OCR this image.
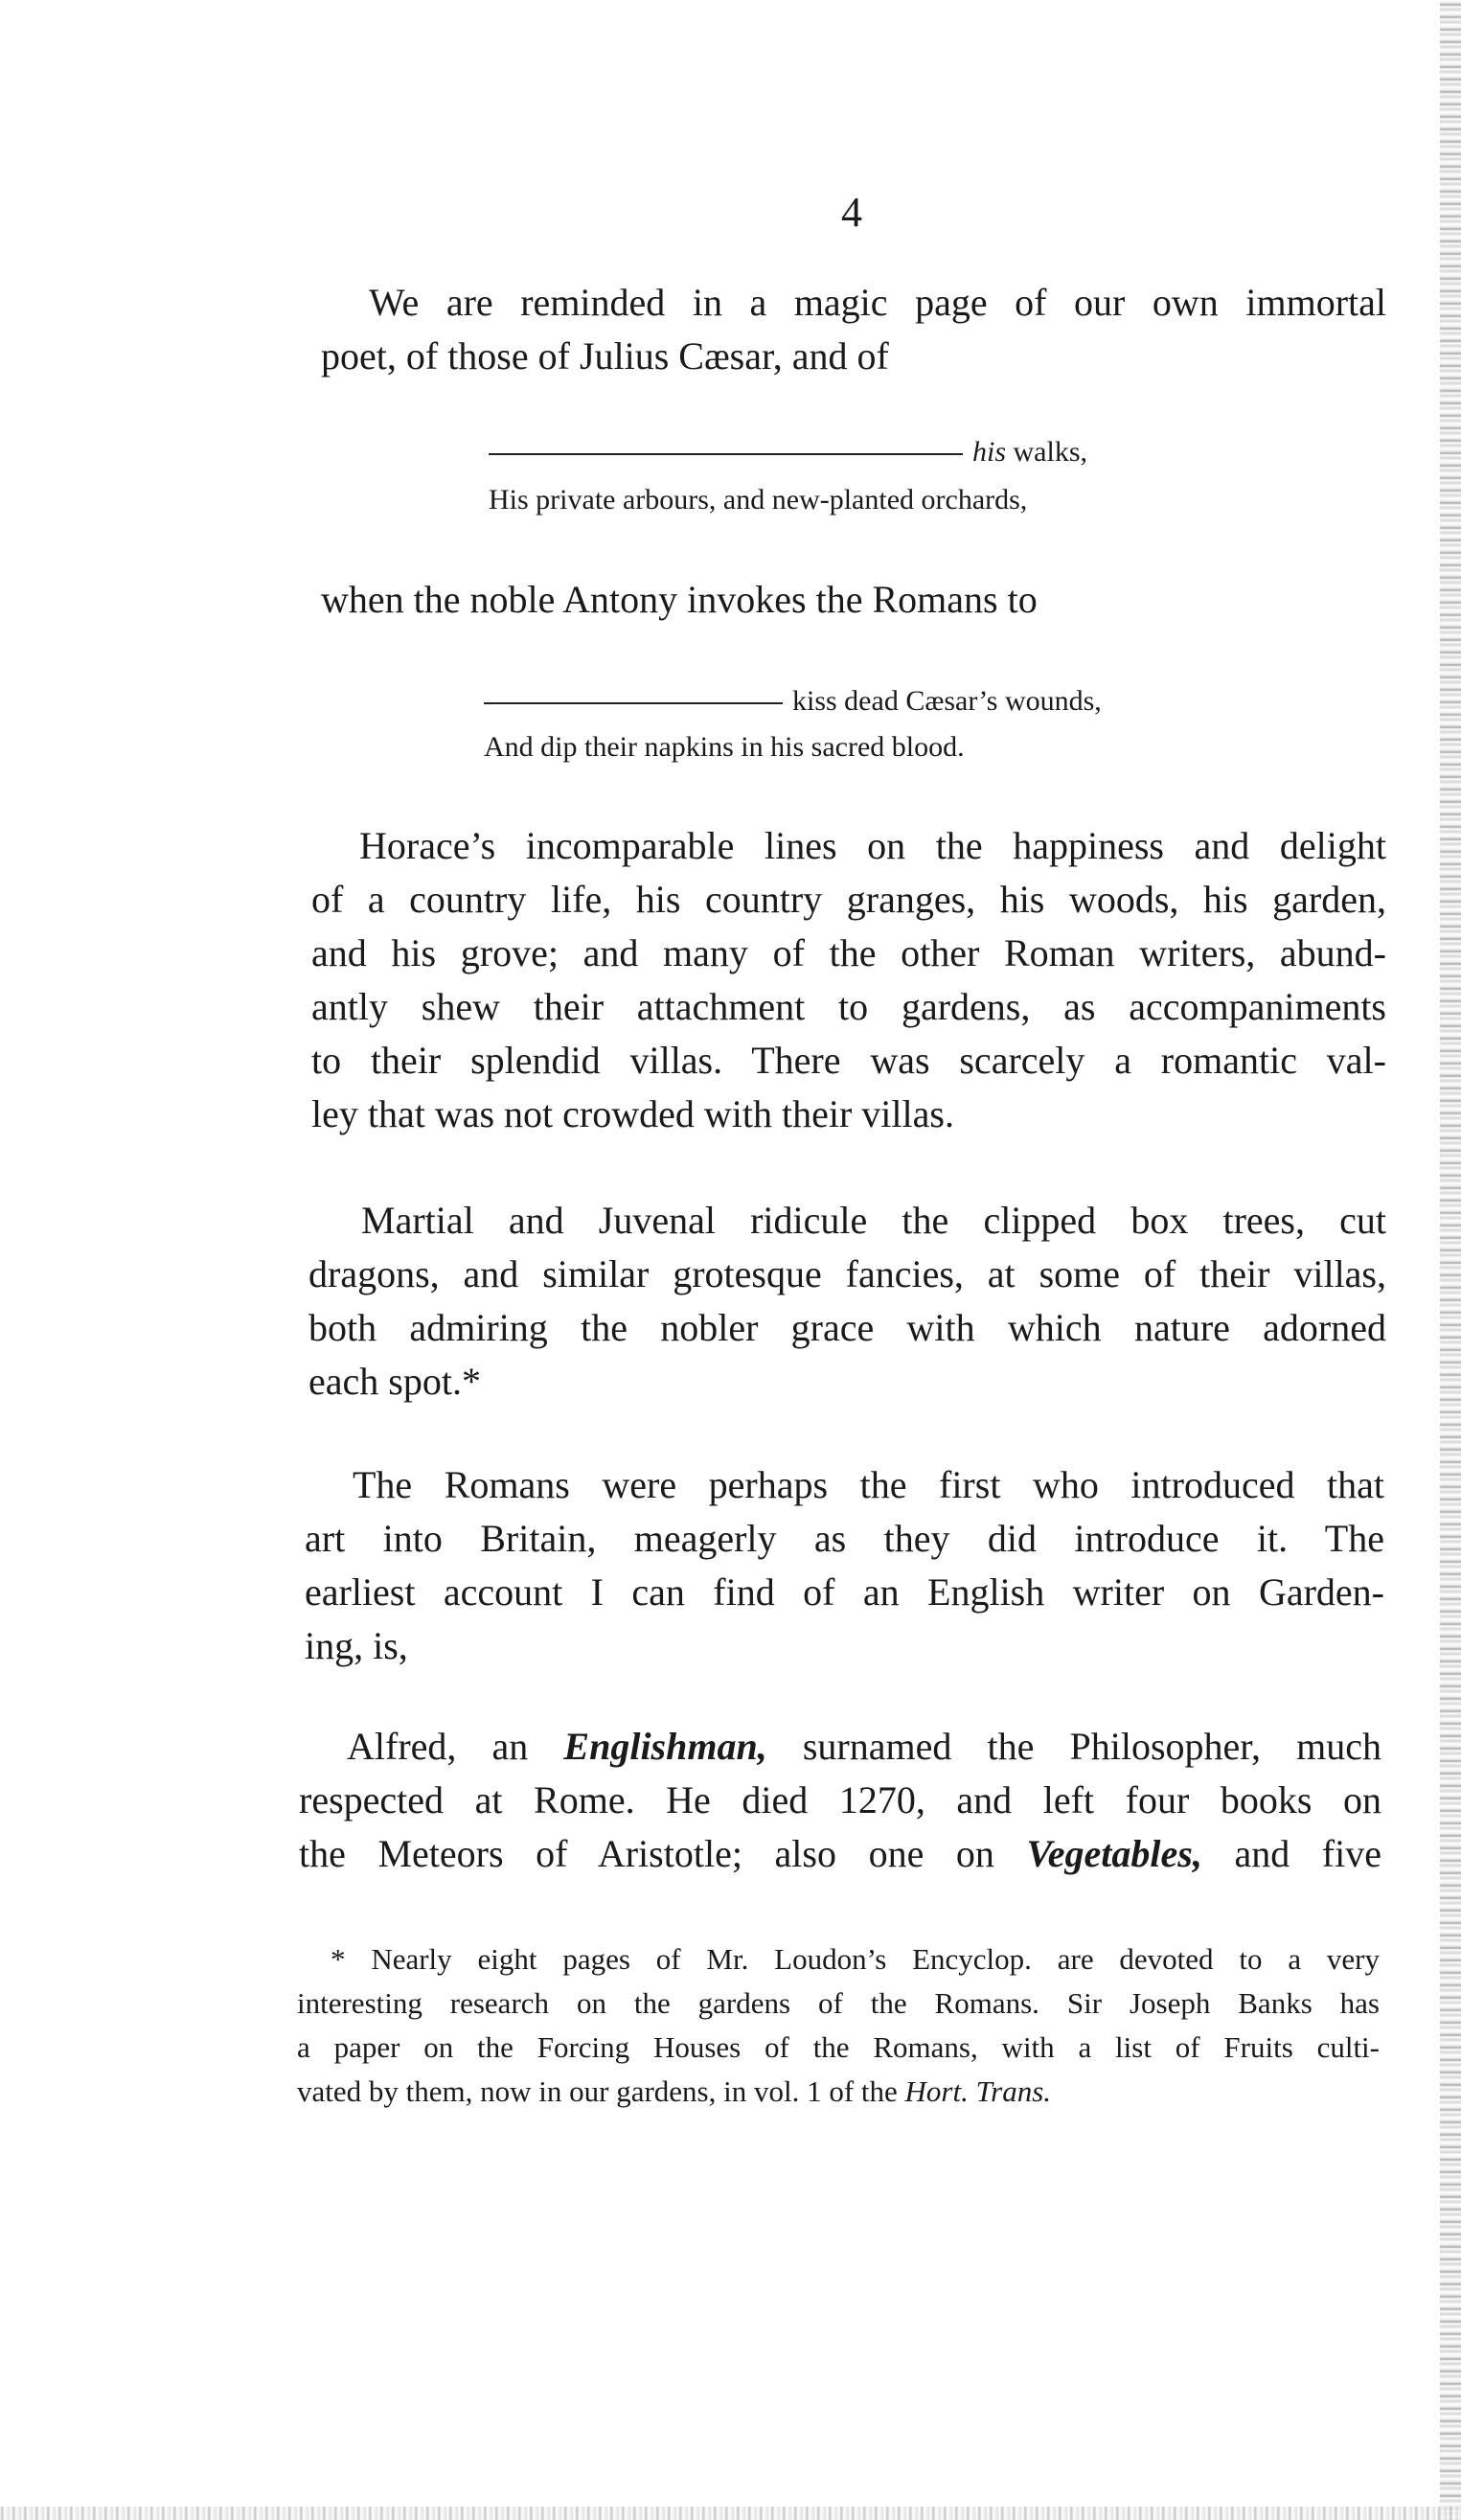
4
We are reminded in a magic page of our own immortal
poet, of those of Julius Cæsar, and of
his walks,
His private arbours, and new-planted orchards,
when the noble Antony invokes the Romans to
kiss dead Cæsar’s wounds,
And dip their napkins in his sacred blood.
Horace’s incomparable lines on the happiness and delight
of a country life, his country granges, his woods, his garden,
and his grove; and many of the other Roman writers, abund-
antly shew their attachment to gardens, as accompaniments
to their splendid villas. There was scarcely a romantic val-
ley that was not crowded with their villas.
Martial and Juvenal ridicule the clipped box trees, cut
dragons, and similar grotesque fancies, at some of their villas,
both admiring the nobler grace with which nature adorned
each spot.*
The Romans were perhaps the first who introduced that
art into Britain, meagerly as they did introduce it. The
earliest account I can find of an English writer on Garden-
ing, is,
Alfred, an Englishman, surnamed the Philosopher, much
respected at Rome. He died 1270, and left four books on
the Meteors of Aristotle; also one on Vegetables, and five
* Nearly eight pages of Mr. Loudon’s Encyclop. are devoted to a very
interesting research on the gardens of the Romans. Sir Joseph Banks has
a paper on the Forcing Houses of the Romans, with a list of Fruits culti-
vated by them, now in our gardens, in vol. 1 of the Hort. Trans.
